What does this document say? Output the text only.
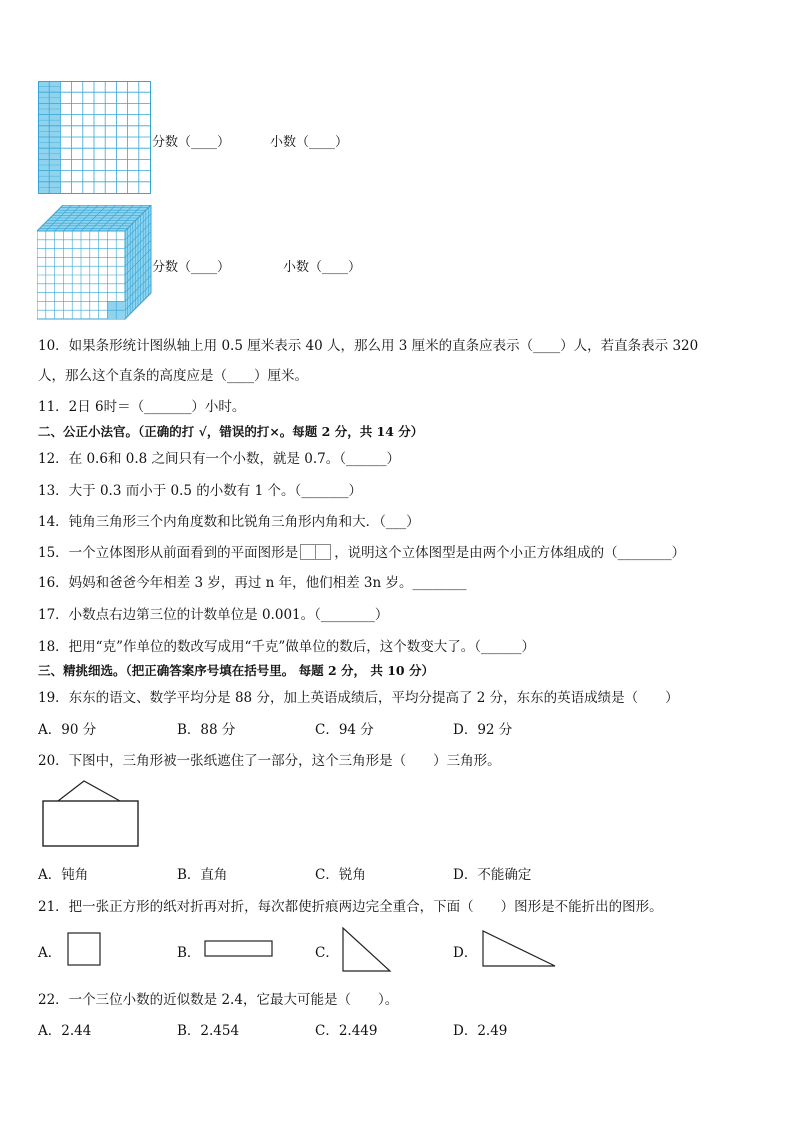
分数（____）	小数（____）
分数（____）	小数（____）
10．如果条形统计图纵轴上用 0.5 厘米表示 40 人，那么用 3 厘米的直条应表示（____）人，若直条表示 320
人，那么这个直条的高度应是（____）厘米。
11．2日 6时＝（_______）小时。
二、公正小法官。（正确的打 √，错误的打×。每题 2 分，共 14 分）
12．在 0.6和 0.8 之间只有一个小数，就是 0.7。（______）
13．大于 0.3 而小于 0.5 的小数有 1 个。（_______）
14．钝角三角形三个内角度数和比锐角三角形内角和大．（___）
15．一个立体图形从前面看到的平面图形是	，说明这个立体图型是由两个小正方体组成的（________）
16．妈妈和爸爸今年相差 3 岁，再过 n 年，他们相差 3n 岁。________
17．小数点右边第三位的计数单位是 0.001。（________）
18．把用“克”作单位的数改写成用“千克”做单位的数后，这个数变大了。（______）
三、精挑细选。（把正确答案序号填在括号里。 每题 2 分， 共 10 分）
19．东东的语文、数学平均分是 88 分，加上英语成绩后，平均分提高了 2 分，东东的英语成绩是（　　）
A．90 分	B．88 分	C．94 分	D．92 分
20．下图中，三角形被一张纸遮住了一部分，这个三角形是（　　）三角形。
A．钝角	B．直角	C．锐角	D．不能确定
21．把一张正方形的纸对折再对折，每次都使折痕两边完全重合，下面（　　）图形是不能折出的图形。
A．	B．	C．	D．
22．一个三位小数的近似数是 2.4，它最大可能是（　　）。
A．2.44	B．2.454	C．2.449	D．2.49
